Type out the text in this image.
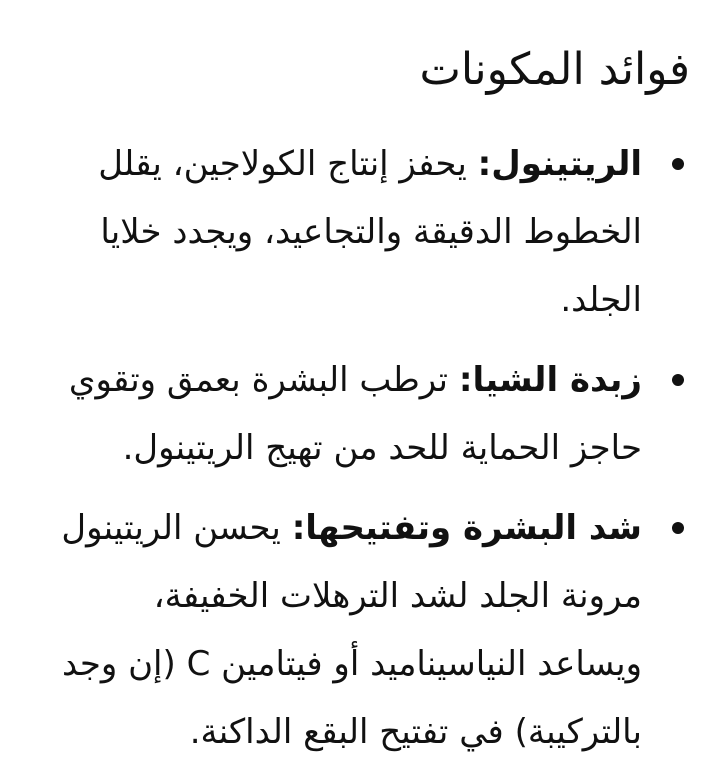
فوائد المكونات
الريتينول: يحفز إنتاج الكولاجين، يقلل الخطوط الدقيقة والتجاعيد، ويجدد خلايا الجلد.
زبدة الشيا: ترطب البشرة بعمق وتقوي حاجز الحماية للحد من تهيج الريتينول.
شد البشرة وتفتيحها: يحسن الريتينول مرونة الجلد لشد الترهلات الخفيفة، ويساعد النياسيناميد أو فيتامين C (إن وجد بالتركيبة) في تفتيح البقع الداكنة.
